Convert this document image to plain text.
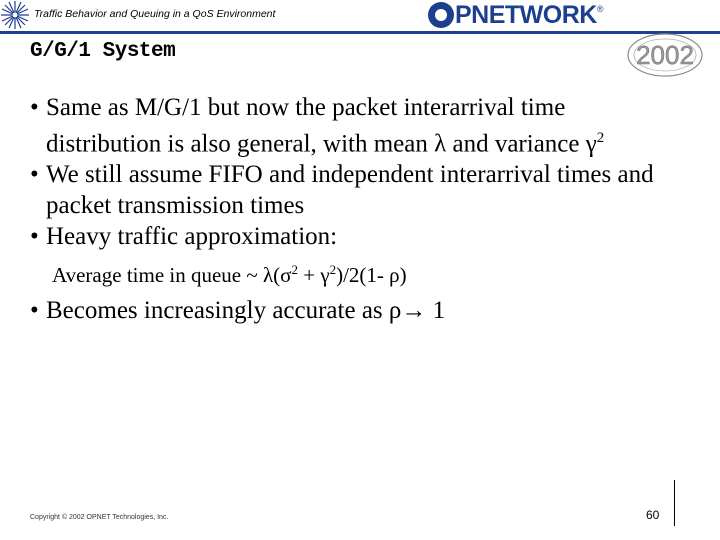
Traffic Behavior and Queuing in a QoS Environment	PNETWORK ®
2002
G/G/1 System
• Same as M/G/1 but now the packet interarrival time distribution is also general, with mean λ and variance $\gamma^2$
• We still assume FIFO and independent interarrival times and packet transmission times
• Heavy traffic approximation:
Average time in queue ~ $\lambda(\sigma^2 + \gamma^2)/2(1-$ ρ)
• Becomes increasingly accurate as ρ→ 1
Copyright © 2002 OPNET Technologies, Inc.	60
